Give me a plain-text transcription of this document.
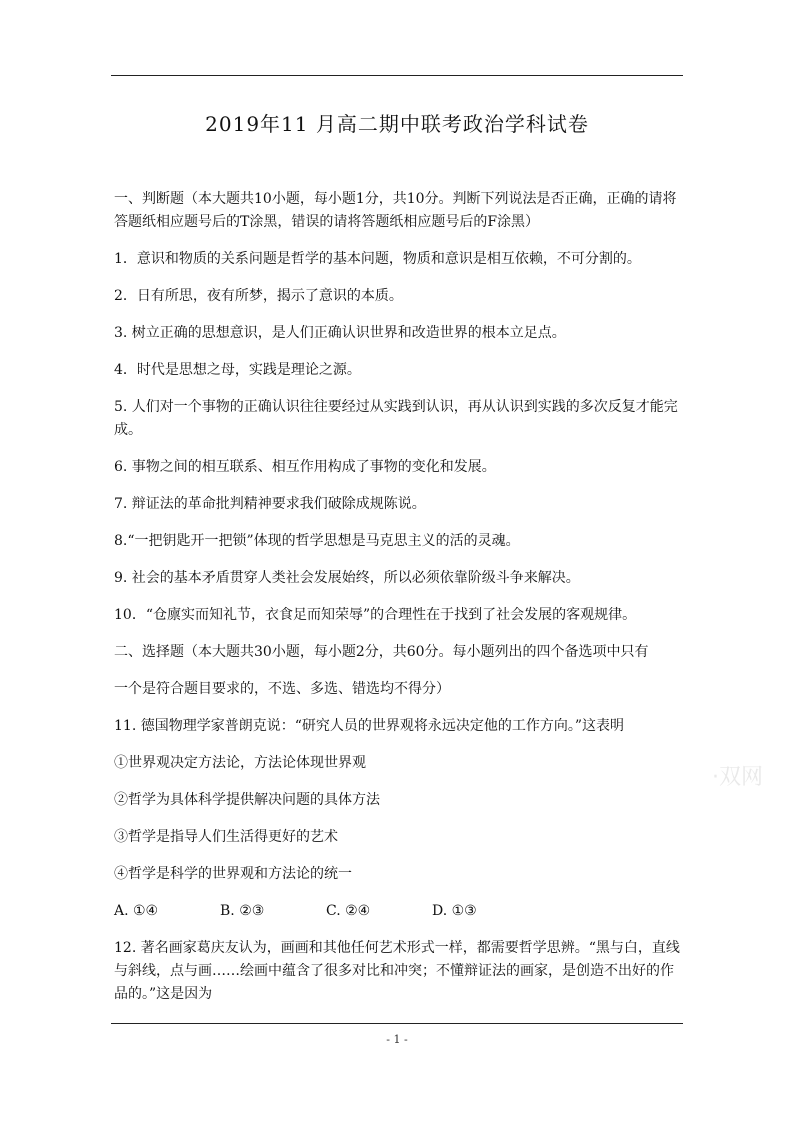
2019年11 月高二期中联考政治学科试卷

一、判断题（本大题共10小题，每小题1分，共10分。判断下列说法是否正确，正确的请将答题纸相应题号后的T涂黑，错误的请将答题纸相应题号后的F涂黑）

1．意识和物质的关系问题是哲学的基本问题，物质和意识是相互依赖，不可分割的。

2．日有所思，夜有所梦，揭示了意识的本质。

3. 树立正确的思想意识，是人们正确认识世界和改造世界的根本立足点。

4．时代是思想之母，实践是理论之源。

5. 人们对一个事物的正确认识往往要经过从实践到认识，再从认识到实践的多次反复才能完成。

6. 事物之间的相互联系、相互作用构成了事物的变化和发展。

7. 辩证法的革命批判精神要求我们破除成规陈说。

8.“一把钥匙开一把锁”体现的哲学思想是马克思主义的活的灵魂。

9. 社会的基本矛盾贯穿人类社会发展始终，所以必须依靠阶级斗争来解决。

10．“仓廪实而知礼节，衣食足而知荣辱”的合理性在于找到了社会发展的客观规律。

二、选择题（本大题共30小题，每小题2分，共60分。每小题列出的四个备选项中只有

一个是符合题目要求的，不选、多选、错选均不得分）

11. 德国物理学家普朗克说：“研究人员的世界观将永远决定他的工作方向。”这表明

①世界观决定方法论，方法论体现世界观

②哲学为具体科学提供解决问题的具体方法

③哲学是指导人们生活得更好的艺术

④哲学是科学的世界观和方法论的统一

A. ①④	B. ②③	C. ②④	D. ①③

12. 著名画家葛庆友认为，画画和其他任何艺术形式一样，都需要哲学思辨。“黑与白，直线与斜线，点与画……绘画中蕴含了很多对比和冲突；不懂辩证法的画家，是创造不出好的作品的。”这是因为

·双网
- 1 -
